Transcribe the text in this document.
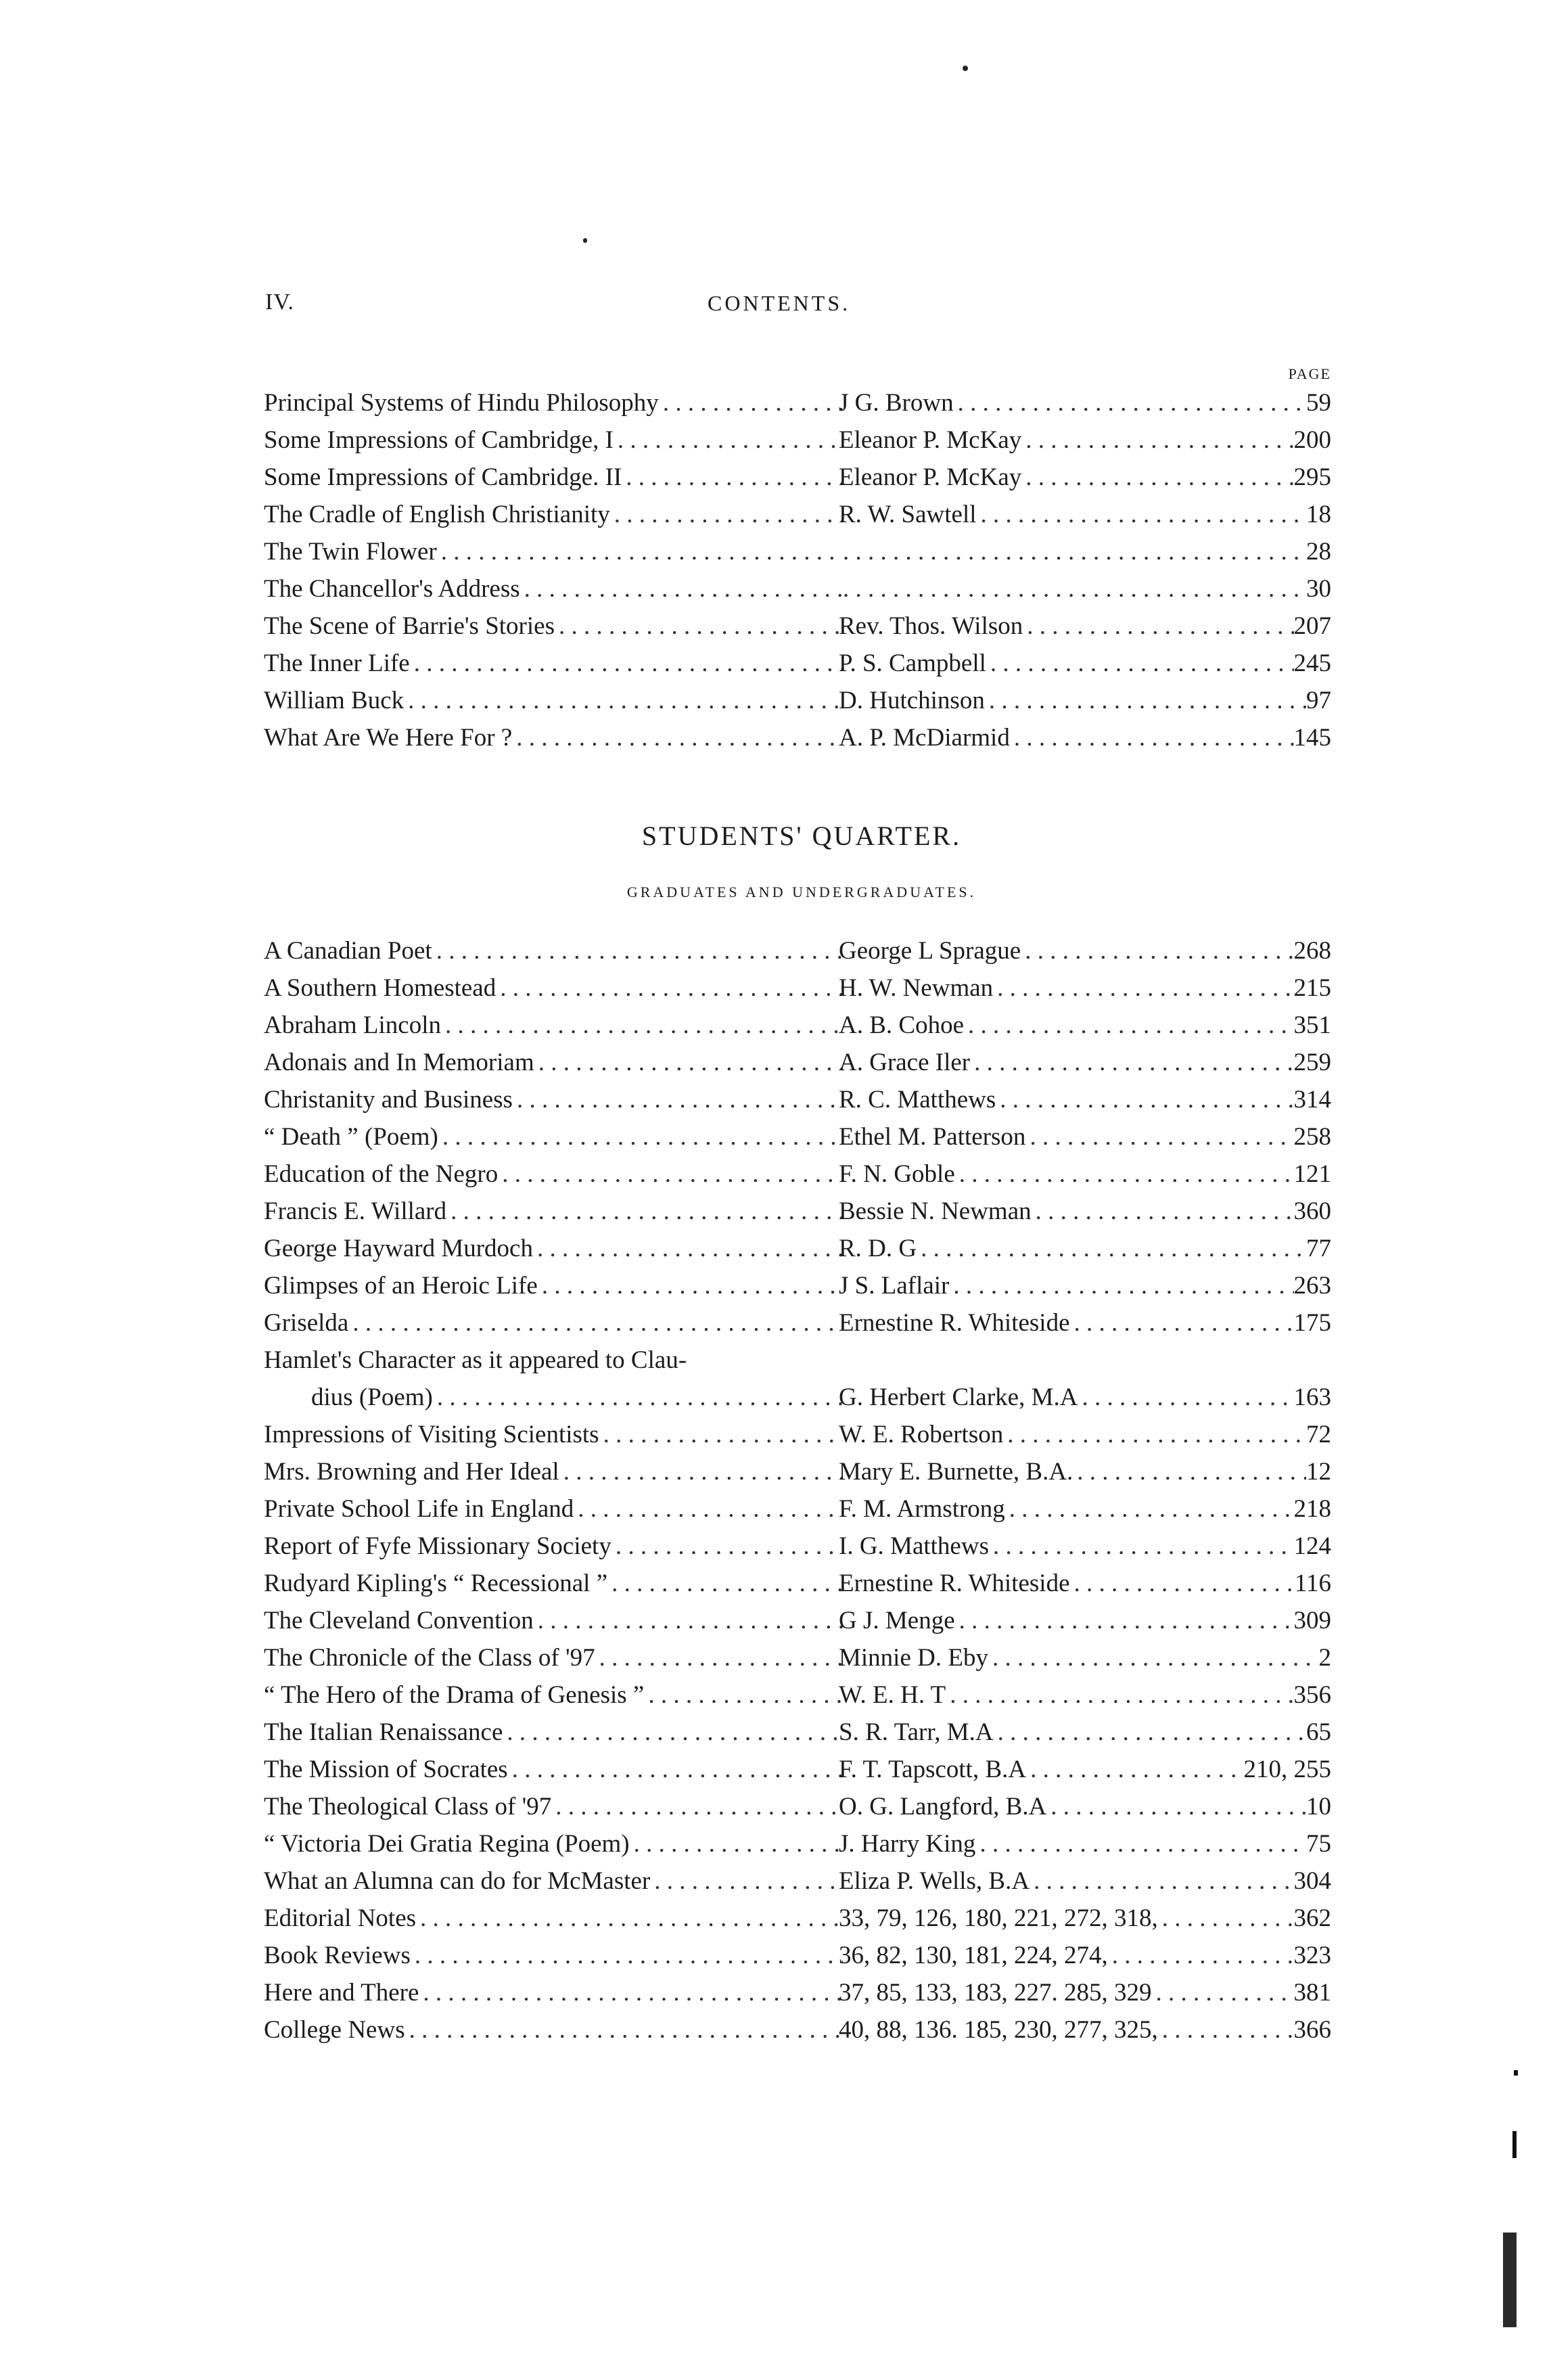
IV.	CONTENTS.
PAGE
Principal Systems of Hindu Philosophy . . .	J G. Brown . . .	59
Some Impressions of Cambridge, I . . .	Eleanor P. McKay . . .	200
Some Impressions of Cambridge. II . . .	Eleanor P. McKay . . .	295
The Cradle of English Christianity . . .	R. W. Sawtell . . .	18
The Twin Flower . . . . . .	28
The Chancellor's Address . . . . . .	30
The Scene of Barrie's Stories . . .	Rev. Thos. Wilson . . .	207
The Inner Life . . .	P. S. Campbell . . .	245
William Buck . . .	D. Hutchinson . . .	97
What Are We Here For ? . . .	A. P. McDiarmid . . .	145
STUDENTS' QUARTER.
GRADUATES AND UNDERGRADUATES.
A Canadian Poet . . .	George L Sprague . . .	268
A Southern Homestead . . .	H. W. Newman . . .	215
Abraham Lincoln . . .	A. B. Cohoe . . .	351
Adonais and In Memoriam . . .	A. Grace Iler . . .	259
Christanity and Business . . .	R. C. Matthews . . .	314
“ Death ” (Poem) . . .	Ethel M. Patterson . . .	258
Education of the Negro . . .	F. N. Goble . . .	121
Francis E. Willard . . .	Bessie N. Newman . . .	360
George Hayward Murdoch . . .	R. D. G . . .	77
Glimpses of an Heroic Life . . .	J S. Laflair . . .	263
Griselda . . .	Ernestine R. Whiteside . . .	175
Hamlet's Character as it appeared to Clau-
dius (Poem) . . .	G. Herbert Clarke, M.A . . .	163
Impressions of Visiting Scientists . . .	W. E. Robertson . . .	72
Mrs. Browning and Her Ideal . . .	Mary E. Burnette, B.A. . . .	12
Private School Life in England . . .	F. M. Armstrong . . .	218
Report of Fyfe Missionary Society . . .	I. G. Matthews . . .	124
Rudyard Kipling's “ Recessional ” . . .	Ernestine R. Whiteside . . .	116
The Cleveland Convention . . .	G J. Menge . . .	309
The Chronicle of the Class of '97 . . .	Minnie D. Eby . . .	2
“ The Hero of the Drama of Genesis ” . . .	W. E. H. T . . .	356
The Italian Renaissance . . .	S. R. Tarr, M.A . . .	65
The Mission of Socrates . . .	F. T. Tapscott, B.A . . .	210, 255
The Theological Class of '97 . . .	O. G. Langford, B.A . . .	10
“ Victoria Dei Gratia Regina (Poem) . . .	J. Harry King . . .	75
What an Alumna can do for McMaster . . .	Eliza P. Wells, B.A . . .	304
Editorial Notes . . .	33, 79, 126, 180, 221, 272, 318, . . .	362
Book Reviews . . .	36, 82, 130, 181, 224, 274, . . .	323
Here and There . . .	37, 85, 133, 183, 227. 285, 329 . . .	381
College News . . .	40, 88, 136. 185, 230, 277, 325, . . .	366
